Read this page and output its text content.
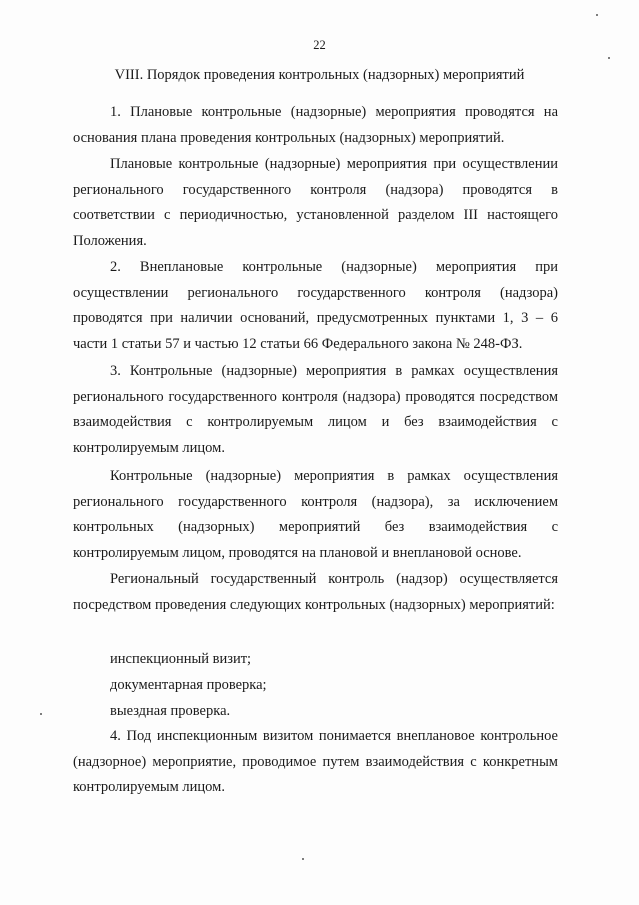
22
VIII. Порядок проведения контрольных (надзорных) мероприятий

1. Плановые контрольные (надзорные) мероприятия проводятся на основания плана проведения контрольных (надзорных) мероприятий.

Плановые контрольные (надзорные) мероприятия при осуществлении регионального государственного контроля (надзора) проводятся в соответствии с периодичностью, установленной разделом III настоящего Положения.

2. Внеплановые контрольные (надзорные) мероприятия при осуществлении регионального государственного контроля (надзора) проводятся при наличии оснований, предусмотренных пунктами 1, 3 – 6 части 1 статьи 57 и частью 12 статьи 66 Федерального закона № 248-ФЗ.

3. Контрольные (надзорные) мероприятия в рамках осуществления регионального государственного контроля (надзора) проводятся посредством взаимодействия с контролируемым лицом и без взаимодействия с контролируемым лицом.

Контрольные (надзорные) мероприятия в рамках осуществления регионального государственного контроля (надзора), за исключением контрольных (надзорных) мероприятий без взаимодействия с контролируемым лицом, проводятся на плановой и внеплановой основе.

Региональный государственный контроль (надзор) осуществляется посредством проведения следующих контрольных (надзорных) мероприятий:

инспекционный визит;
документарная проверка;
выездная проверка.

4. Под инспекционным визитом понимается внеплановое контрольное (надзорное) мероприятие, проводимое путем взаимодействия с конкретным контролируемым лицом.
